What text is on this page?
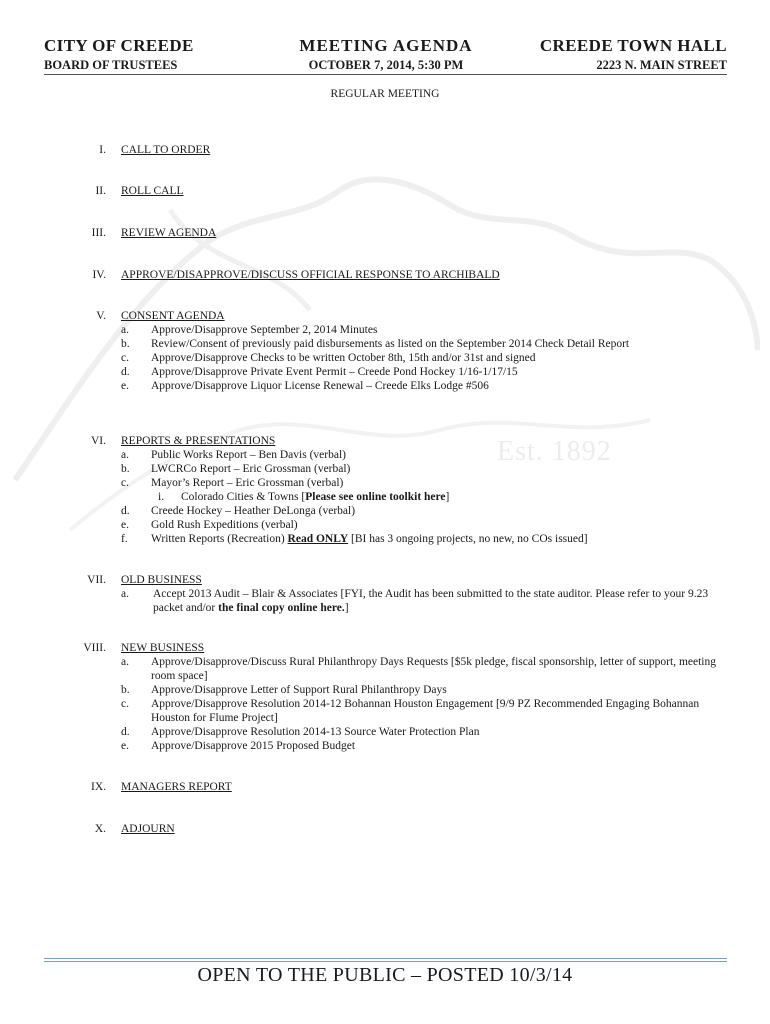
Est. 1892
CITY OF CREEDE
BOARD OF TRUSTEES
MEETING AGENDA
OCTOBER 7, 2014, 5:30 PM
CREEDE TOWN HALL
2223 N. MAIN STREET
REGULAR MEETING
I. CALL TO ORDER
II. ROLL CALL
III. REVIEW AGENDA
IV. APPROVE/DISAPPROVE/DISCUSS OFFICIAL RESPONSE TO ARCHIBALD
V. CONSENT AGENDA
a. Approve/Disapprove September 2, 2014 Minutes
b. Review/Consent of previously paid disbursements as listed on the September 2014 Check Detail Report
c. Approve/Disapprove Checks to be written October 8th, 15th and/or 31st and signed
d. Approve/Disapprove Private Event Permit – Creede Pond Hockey 1/16-1/17/15
e. Approve/Disapprove Liquor License Renewal – Creede Elks Lodge #506
VI. REPORTS & PRESENTATIONS
a. Public Works Report – Ben Davis (verbal)
b. LWCRCo Report – Eric Grossman (verbal)
c. Mayor’s Report – Eric Grossman (verbal)
i. Colorado Cities & Towns [Please see online toolkit here]
d. Creede Hockey – Heather DeLonga (verbal)
e. Gold Rush Expeditions (verbal)
f. Written Reports (Recreation) Read ONLY [BI has 3 ongoing projects, no new, no COs issued]
VII. OLD BUSINESS
a. Accept 2013 Audit – Blair & Associates [FYI, the Audit has been submitted to the state auditor. Please refer to your 9.23 packet and/or the final copy online here.]
VIII. NEW BUSINESS
a. Approve/Disapprove/Discuss Rural Philanthropy Days Requests [$5k pledge, fiscal sponsorship, letter of support, meeting room space]
b. Approve/Disapprove Letter of Support Rural Philanthropy Days
c. Approve/Disapprove Resolution 2014-12 Bohannan Houston Engagement [9/9 PZ Recommended Engaging Bohannan Houston for Flume Project]
d. Approve/Disapprove Resolution 2014-13 Source Water Protection Plan
e. Approve/Disapprove 2015 Proposed Budget
IX. MANAGERS REPORT
X. ADJOURN
OPEN TO THE PUBLIC – POSTED 10/3/14
